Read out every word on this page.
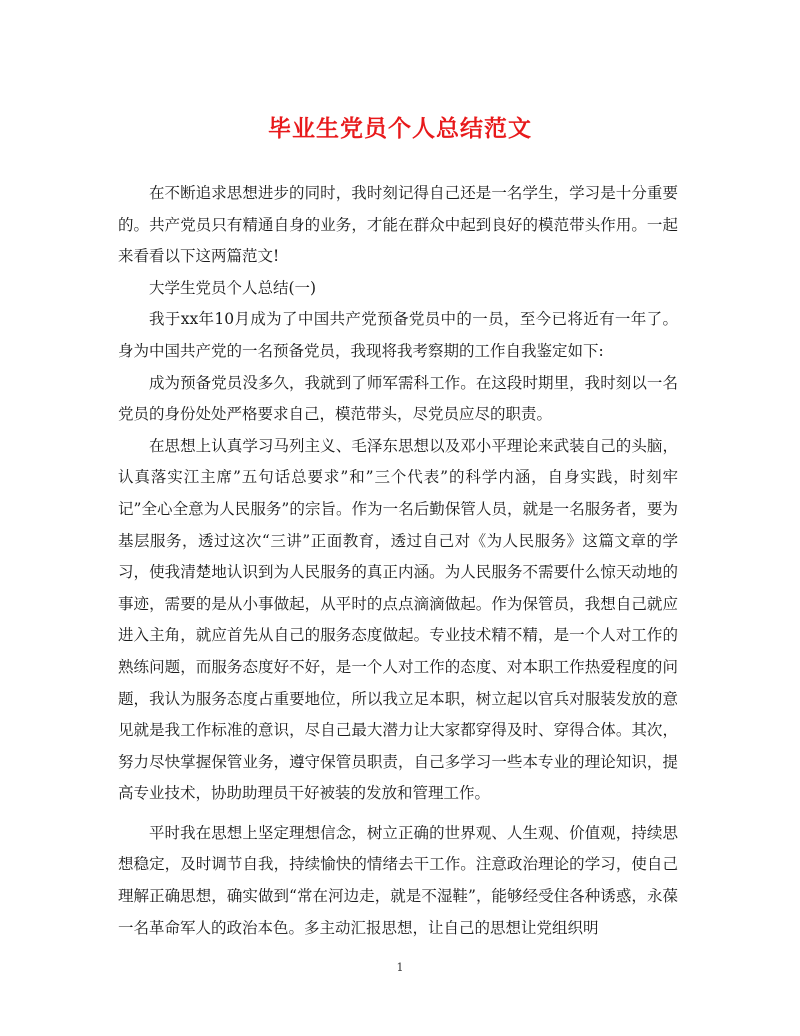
毕业生党员个人总结范文

在不断追求思想进步的同时，我时刻记得自己还是一名学生，学习是十分重要的。共产党员只有精通自身的业务，才能在群众中起到良好的模范带头作用。一起来看看以下这两篇范文!

大学生党员个人总结(一)

我于xx年10月成为了中国共产党预备党员中的一员，至今已将近有一年了。身为中国共产党的一名预备党员，我现将我考察期的工作自我鉴定如下:

成为预备党员没多久，我就到了师军需科工作。在这段时期里，我时刻以一名党员的身份处处严格要求自己，模范带头，尽党员应尽的职责。

在思想上认真学习马列主义、毛泽东思想以及邓小平理论来武装自己的头脑，认真落实江主席”五句话总要求”和”三个代表”的科学内涵，自身实践，时刻牢记”全心全意为人民服务”的宗旨。作为一名后勤保管人员，就是一名服务者，要为基层服务，透过这次“三讲”正面教育，透过自己对《为人民服务》这篇文章的学习，使我清楚地认识到为人民服务的真正内涵。为人民服务不需要什么惊天动地的事迹，需要的是从小事做起，从平时的点点滴滴做起。作为保管员，我想自己就应进入主角，就应首先从自己的服务态度做起。专业技术精不精，是一个人对工作的熟练问题，而服务态度好不好，是一个人对工作的态度、对本职工作热爱程度的问题，我认为服务态度占重要地位，所以我立足本职，树立起以官兵对服装发放的意见就是我工作标准的意识，尽自己最大潜力让大家都穿得及时、穿得合体。其次，努力尽快掌握保管业务，遵守保管员职责，自己多学习一些本专业的理论知识，提高专业技术，协助助理员干好被装的发放和管理工作。

平时我在思想上坚定理想信念，树立正确的世界观、人生观、价值观，持续思想稳定，及时调节自我，持续愉快的情绪去干工作。注意政治理论的学习，使自己理解正确思想，确实做到“常在河边走，就是不湿鞋”，能够经受住各种诱惑，永葆一名革命军人的政治本色。多主动汇报思想，让自己的思想让党组织明

1
